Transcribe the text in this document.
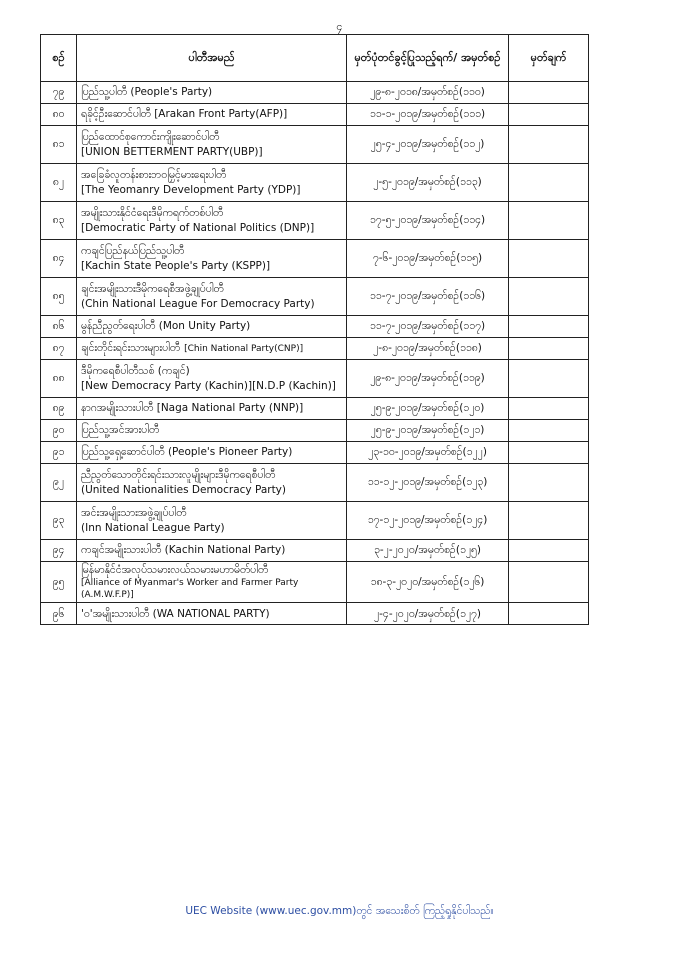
၄
စဉ်	ပါတီအမည်	မှတ်ပုံတင်ခွင့်ပြုသည့်ရက်/ အမှတ်စဉ်	မှတ်ချက်
၇၉	ပြည်သူ့ပါတီ (People's Party)	၂၉-၈-၂၀၁၈/အမှတ်စဉ်(၁၁၀)	
၈၀	ရခိုင့်ဦးဆောင်ပါတီ [Arakan Front Party(AFP)]	၁၁-၁-၂၀၁၉/အမှတ်စဉ်(၁၁၁)	
၈၁	ပြည်ထောင်စုကောင်းကျိုးဆောင်ပါတီ
[UNION BETTERMENT PARTY(UBP)]	၂၅-၄-၂၀၁၉/အမှတ်စဉ်(၁၁၂)	
၈၂	အခြေခံလူတန်းစားဘဝမြှင့်မားရေးပါတီ
[The Yeomanry Development Party (YDP)]	၂-၅-၂၀၁၉/အမှတ်စဉ်(၁၁၃)	
၈၃	အမျိုးသားနိုင်ငံရေးဒီမိုကရက်တစ်ပါတီ
[Democratic Party of National Politics (DNP)]	၁၇-၅-၂၀၁၉/အမှတ်စဉ်(၁၁၄)	
၈၄	ကချင်ပြည်နယ်ပြည်သူ့ပါတီ
[Kachin State People's Party (KSPP)]	၇-၆-၂၀၁၉/အမှတ်စဉ်(၁၁၅)	
၈၅	ချင်းအမျိုးသားဒီမိုကရေစီအဖွဲ့ချုပ်ပါတီ
(Chin National League For Democracy Party)	၁၁-၇-၂၀၁၉/အမှတ်စဉ်(၁၁၆)	
၈၆	မွန်ညီညွတ်ရေးပါတီ (Mon Unity Party)	၁၁-၇-၂၀၁၉/အမှတ်စဉ်(၁၁၇)	
၈၇	ချင်းတိုင်းရင်းသားများပါတီ [Chin National Party(CNP)]	၂-၈-၂၀၁၉/အမှတ်စဉ်(၁၁၈)	
၈၈	ဒီမိုကရေစီပါတီသစ် (ကချင်)
[New Democracy Party (Kachin)][N.D.P (Kachin)]	၂၉-၈-၂၀၁၉/အမှတ်စဉ်(၁၁၉)	
၈၉	နာဂအမျိုးသားပါတီ [Naga National Party (NNP)]	၂၅-၉-၂၀၁၉/အမှတ်စဉ်(၁၂၀)	
၉၀	ပြည်သူ့အင်အားပါတီ	၂၅-၉-၂၀၁၉/အမှတ်စဉ်(၁၂၁)	
၉၁	ပြည်သူ့ရှေ့ဆောင်ပါတီ (People's Pioneer Party)	၂၃-၁၀-၂၀၁၉/အမှတ်စဉ်(၁၂၂)	
၉၂	ညီညွတ်သောတိုင်းရင်းသားလူမျိုးများဒီမိုကရေစီပါတီ
(United Nationalities Democracy Party)	၁၁-၁၂-၂၀၁၉/အမှတ်စဉ်(၁၂၃)	
၉၃	အင်းအမျိုးသားအဖွဲ့ချုပ်ပါတီ
(Inn National League Party)	၁၇-၁၂-၂၀၁၉/အမှတ်စဉ်(၁၂၄)	
၉၄	ကချင်အမျိုးသားပါတီ (Kachin National Party)	၃-၂-၂၀၂၀/အမှတ်စဉ်(၁၂၅)	
၉၅	မြန်မာနိုင်ငံအလုပ်သမားလယ်သမားမဟာမိတ်ပါတီ
[Alliance of Myanmar's Worker and Farmer Party (A.M.W.F.P)]	၁၈-၃-၂၀၂၀/အမှတ်စဉ်(၁၂၆)	
၉၆	'ဝ'အမျိုးသားပါတီ (WA NATIONAL PARTY)	၂-၄-၂၀၂၀/အမှတ်စဉ်(၁၂၇)	
UEC Website (www.uec.gov.mm)တွင် အသေးစိတ် ကြည့်ရှုနိုင်ပါသည်။
